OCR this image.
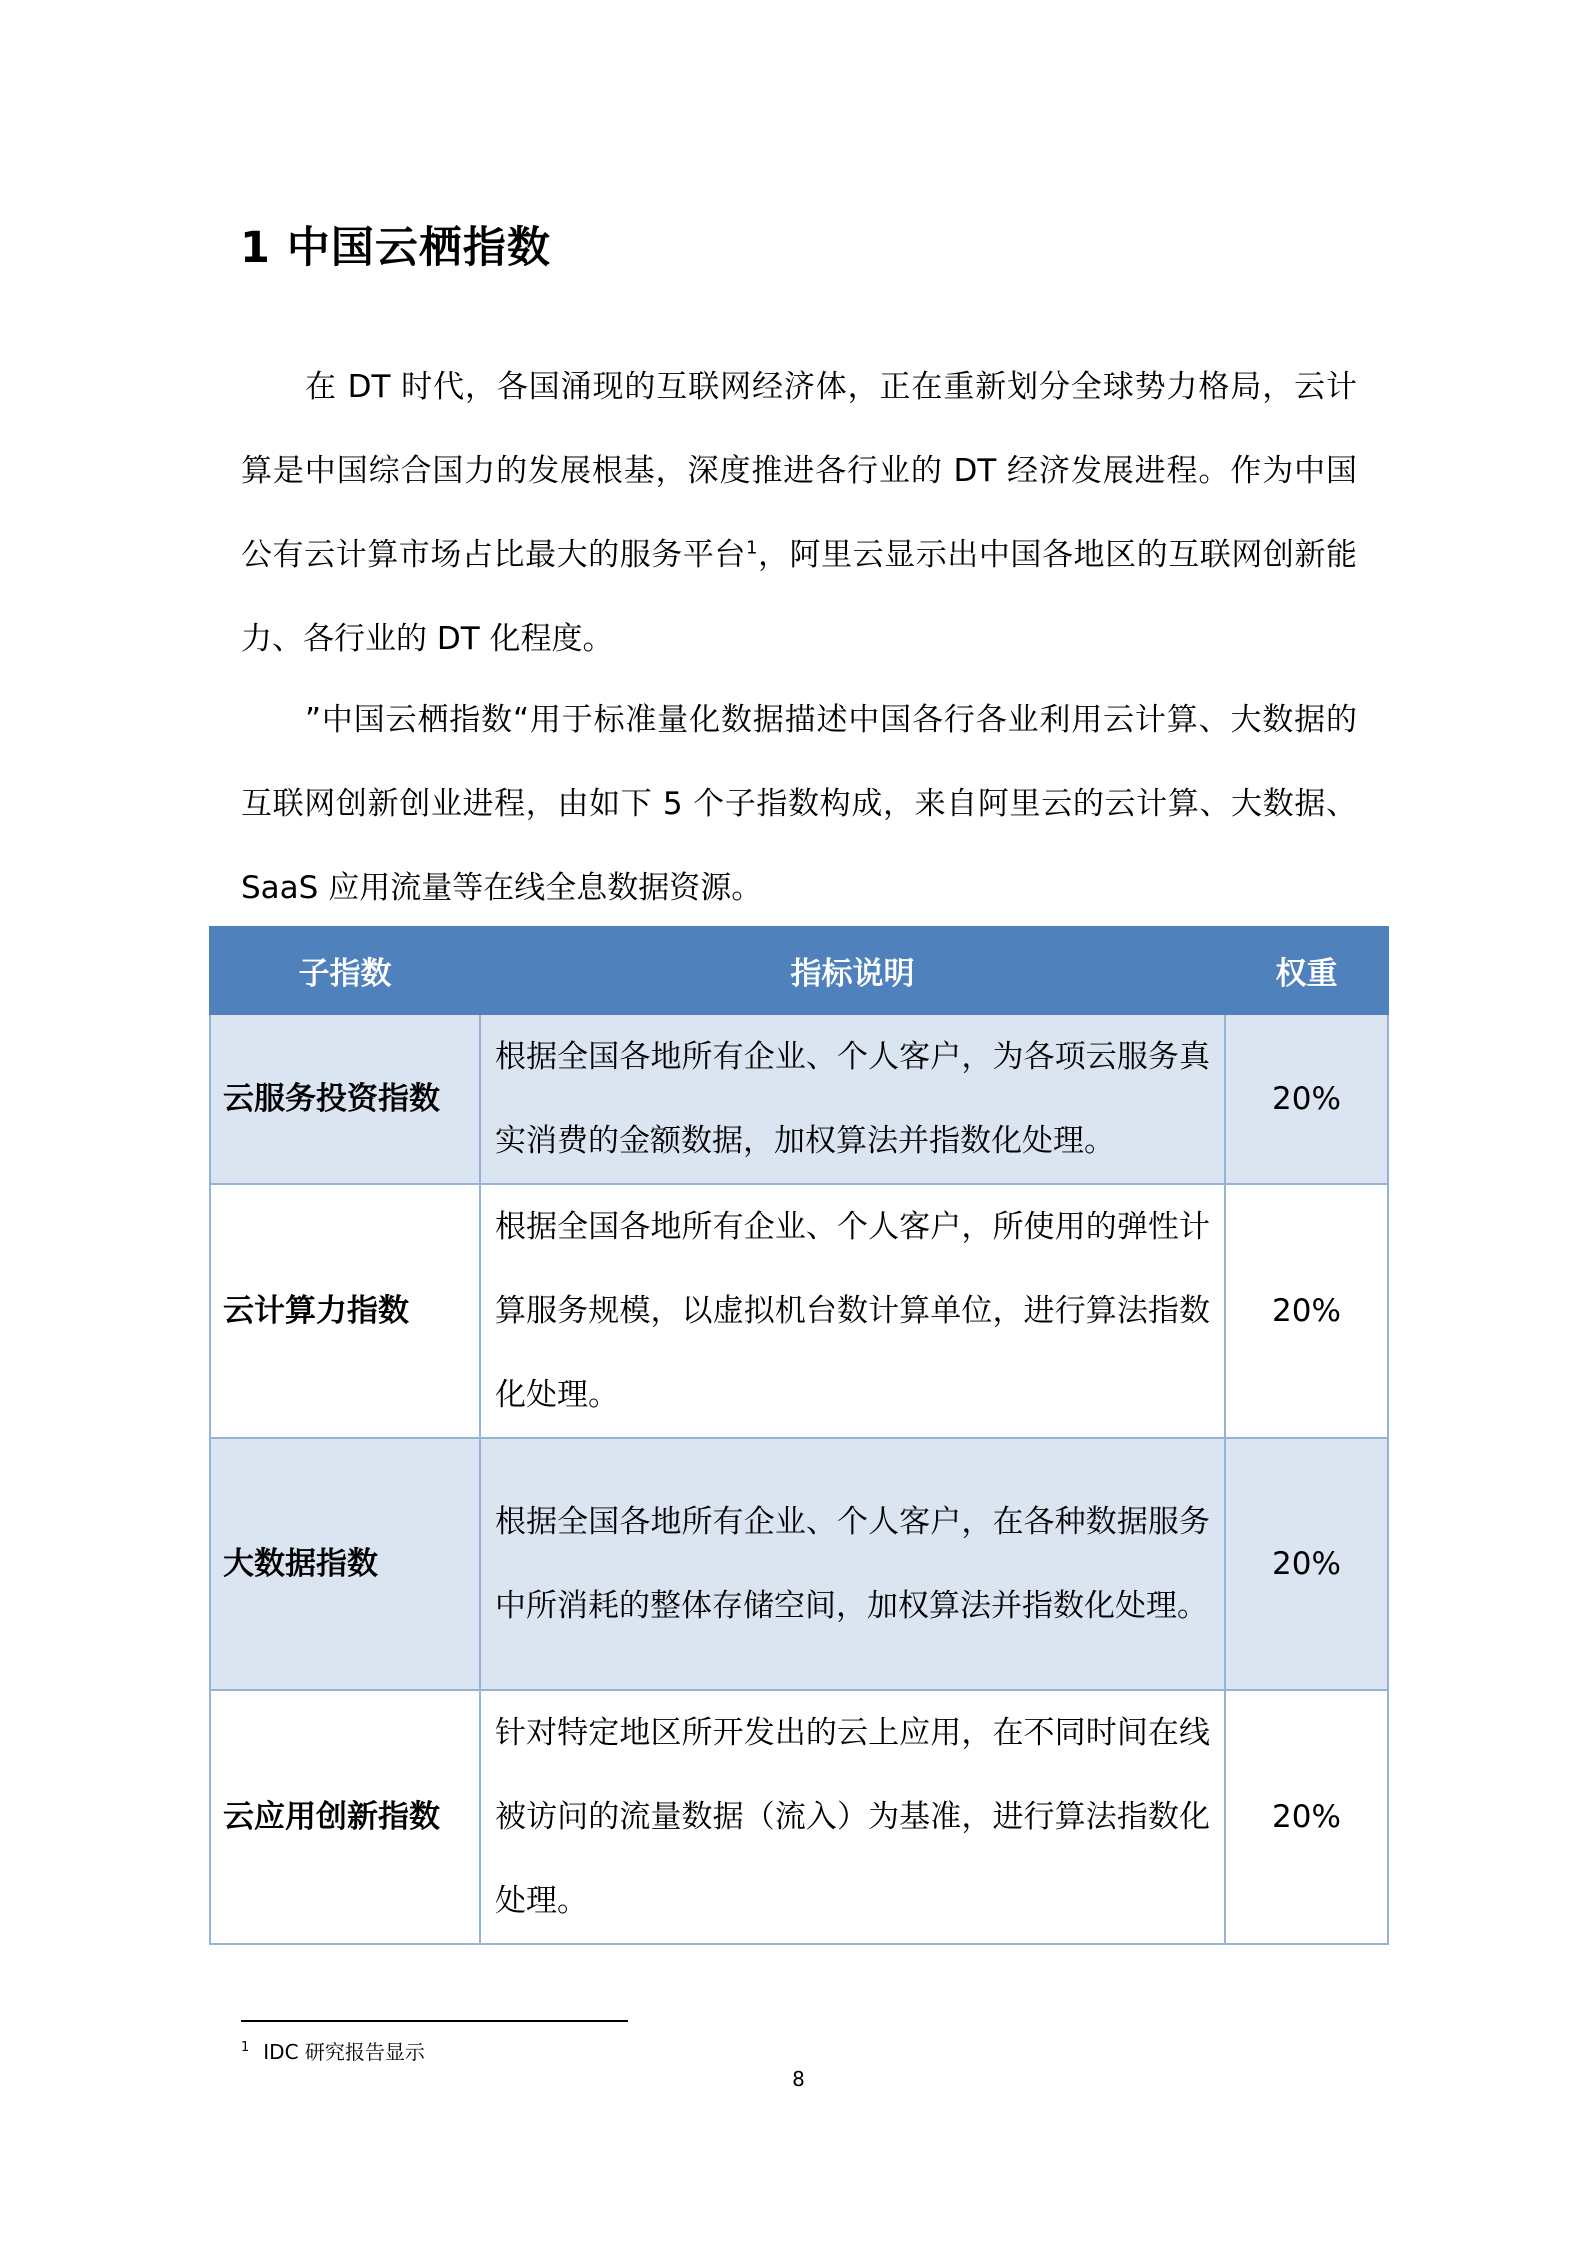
1 中国云栖指数

在 DT 时代，各国涌现的互联网经济体，正在重新划分全球势力格局，云计算是中国综合国力的发展根基，深度推进各行业的 DT 经济发展进程。作为中国公有云计算市场占比最大的服务平台$^1$，阿里云显示出中国各地区的互联网创新能力、各行业的 DT 化程度。

”中国云栖指数“用于标准量化数据描述中国各行各业利用云计算、大数据的互联网创新创业进程，由如下 5 个子指数构成，来自阿里云的云计算、大数据、SaaS 应用流量等在线全息数据资源。

子指数	指标说明	权重
云服务投资指数	根据全国各地所有企业、个人客户，为各项云服务真实消费的金额数据，加权算法并指数化处理。	20%
云计算力指数	根据全国各地所有企业、个人客户，所使用的弹性计算服务规模，以虚拟机台数计算单位，进行算法指数化处理。	20%
大数据指数	根据全国各地所有企业、个人客户，在各种数据服务中所消耗的整体存储空间，加权算法并指数化处理。	20%
云应用创新指数	针对特定地区所开发出的云上应用，在不同时间在线被访问的流量数据（流入）为基准，进行算法指数化处理。	20%
$^1$ IDC 研究报告显示
8
